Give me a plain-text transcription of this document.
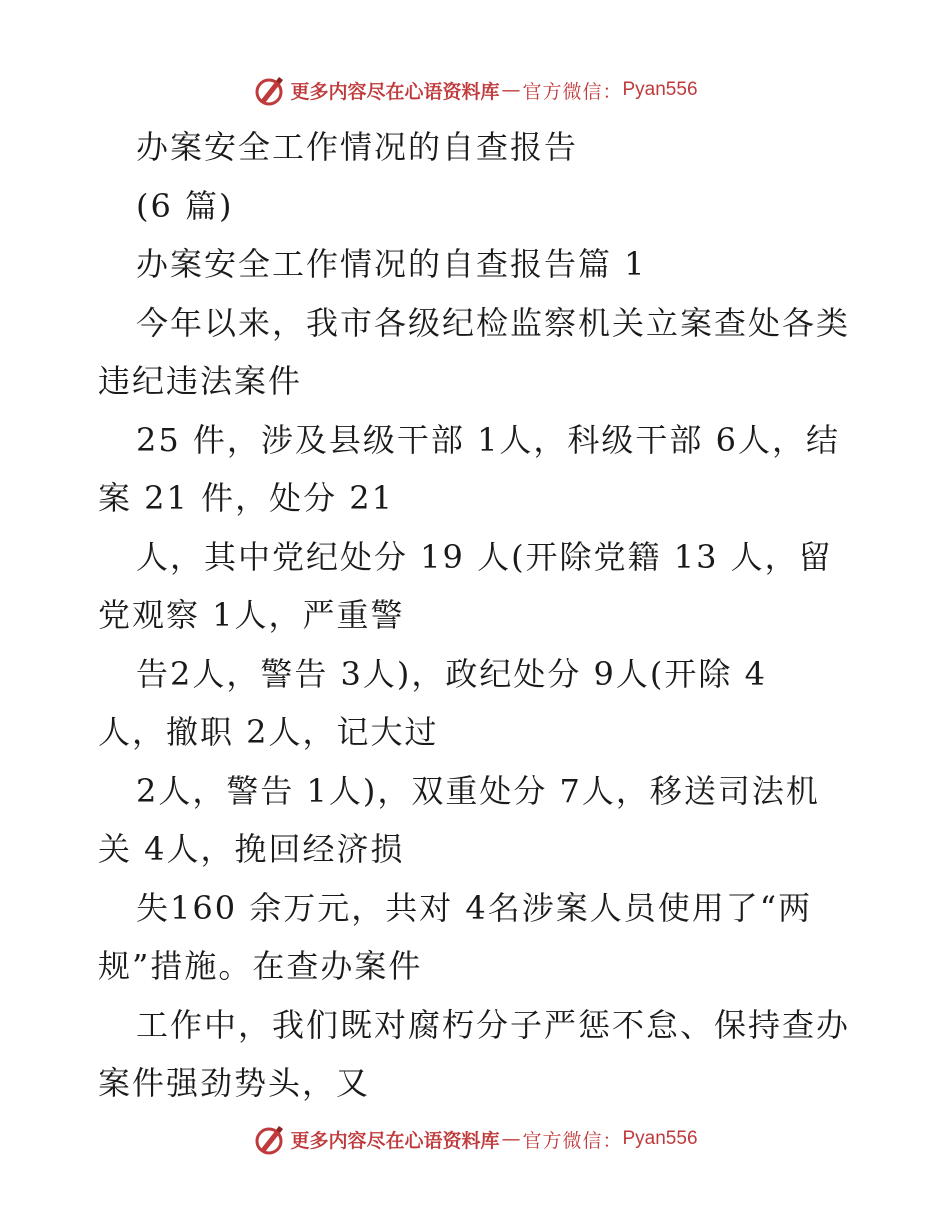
更多内容尽在心语资料库 — 官方微信： Pyan556
办案安全工作情况的自查报告
(6 篇)
办案安全工作情况的自查报告篇 1
今年以来，我市各级纪检监察机关立案查处各类
违纪违法案件
25 件，涉及县级干部 1人，科级干部 6人，结
案 21 件，处分 21
人，其中党纪处分 19 人(开除党籍 13 人，留
党观察 1人，严重警
告2人，警告 3人)，政纪处分 9人(开除 4
人，撤职 2人，记大过
2人，警告 1人)，双重处分 7人，移送司法机
关 4人，挽回经济损
失160 余万元，共对 4名涉案人员使用了“两
规”措施。在查办案件
工作中，我们既对腐朽分子严惩不怠、保持查办
案件强劲势头，又
更多内容尽在心语资料库 — 官方微信： Pyan556
